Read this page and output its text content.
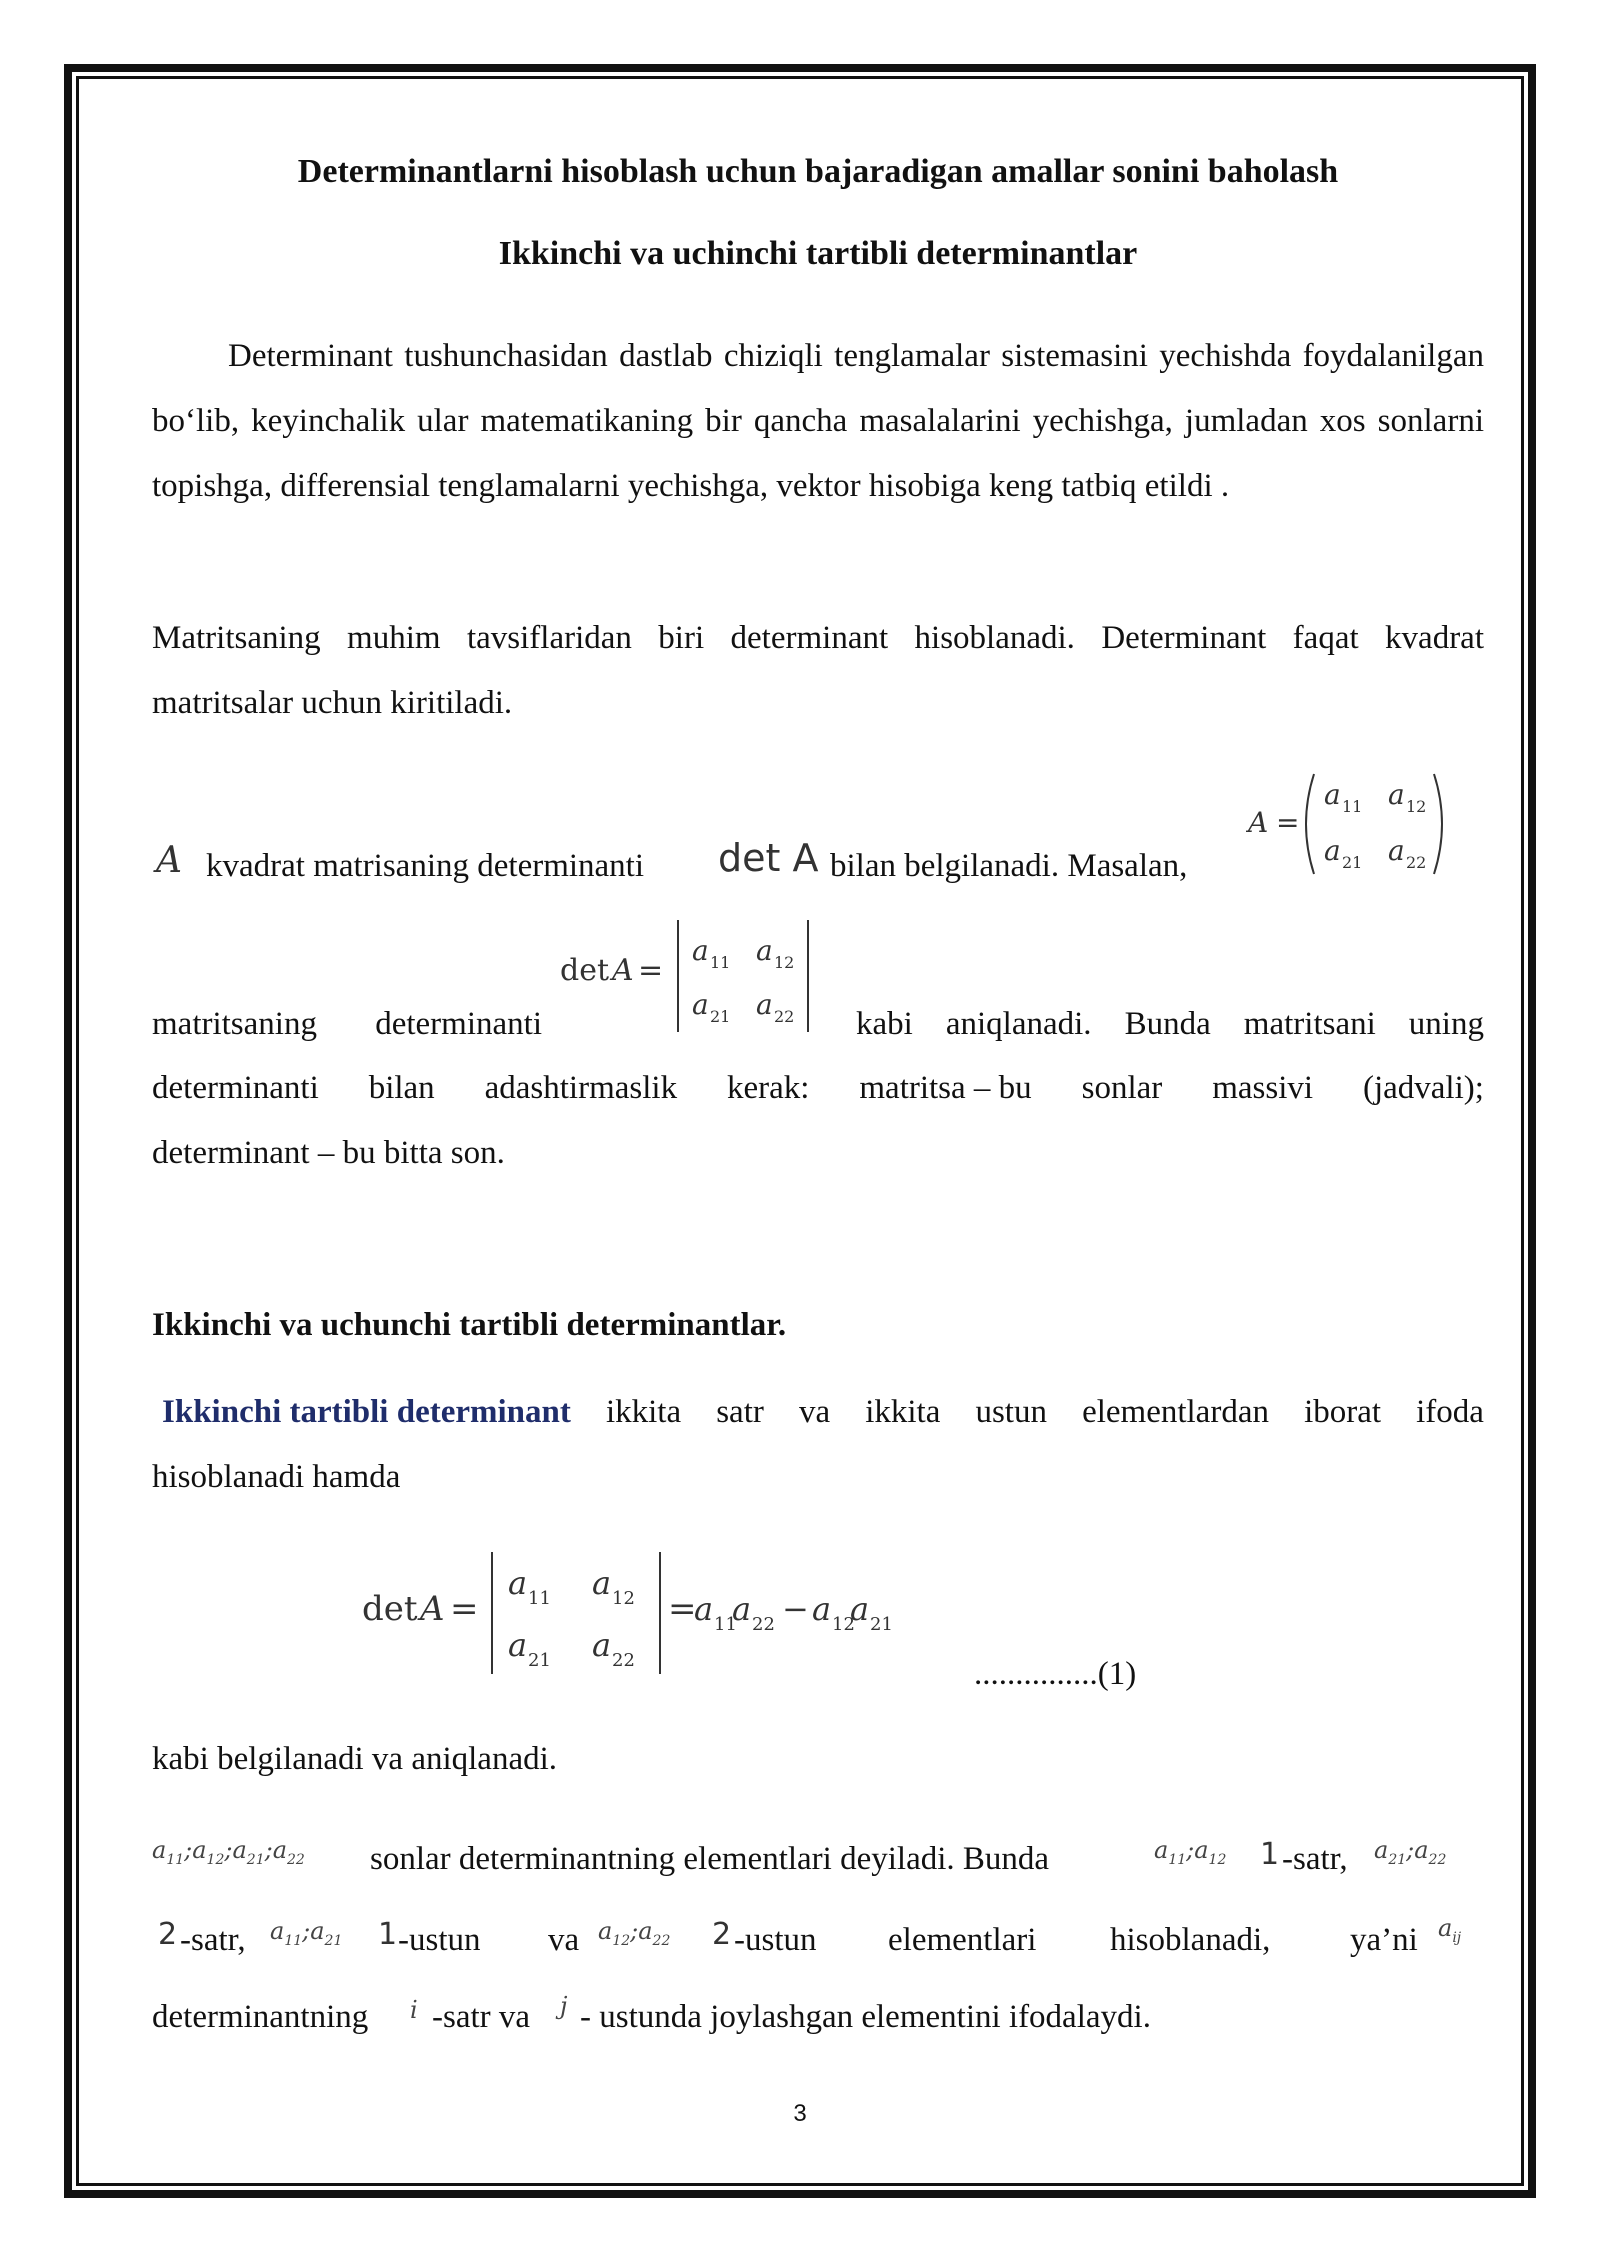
Determinantlarni hisoblash uchun bajaradigan amallar sonini baholash
Ikkinchi va uchinchi tartibli determinantlar
Determinant tushunchasidan dastlab chiziqli tenglamalar sistemasini yechishda foydalanilgan bo‘lib, keyinchalik ular matematikaning bir qancha masalalarini yechishga, jumladan xos sonlarni topishga, differensial tenglamalarni yechishga, vektor hisobiga keng tatbiq etildi .
Matritsaning muhim tavsiflaridan biri determinant hisoblanadi. Determinant faqat kvadrat matritsalar uchun kiritiladi.
A kvadrat matrisaning determinanti det A bilan belgilanadi. Masalan,
A =
a 11 a 12
a 21 a 22
det A =
a 11 a 12
a 21 a 22
matritsaning determinanti	kabi aniqlanadi. Bunda matritsani uning
determinanti bilan adashtirmaslik kerak: matritsa – bu sonlar massivi (jadvali);
determinant – bu bitta son.
Ikkinchi va uchunchi tartibli determinantlar.
Ikkinchi tartibli determinant ikkita satr va ikkita ustun elementlardan iborat ifoda
hisoblanadi hamda
det A =
a 11 a 12
a 21 a 22
=
a 11
a 22 − a 12
a 21
...............(1)
kabi belgilanadi va aniqlanadi.
$a_{11};a_{12};a_{21};a_{22}$ sonlar determinantning elementlari deyiladi. Bunda	$a_{11};a_{12}$ 1 -satr, $a_{21};a_{22}$
2 -satr, $a_{11};a_{21}$ 1 -ustun va $a_{12};a_{22}$ 2 -ustun elementlari hisoblanadi, ya’ni $a_{ij}$
determinantning i -satr va j - ustunda joylashgan elementini ifodalaydi.
3
